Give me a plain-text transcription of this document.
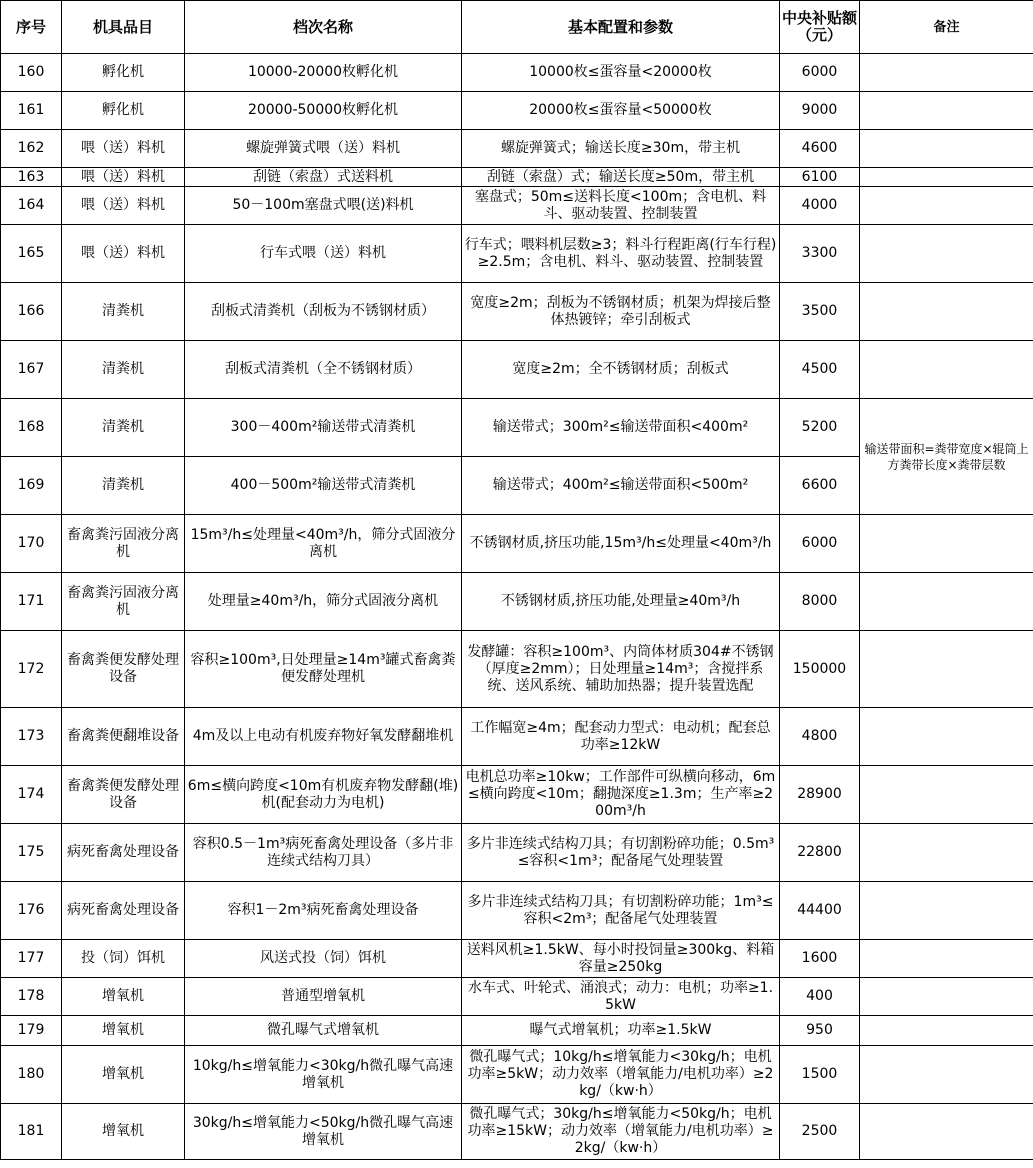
序号	机具品目	档次名称	基本配置和参数	中央补贴额（元）	备注
160	孵化机	10000-20000枚孵化机	10000枚≤蛋容量<20000枚	6000	
161	孵化机	20000-50000枚孵化机	20000枚≤蛋容量<50000枚	9000	
162	喂（送）料机	螺旋弹簧式喂（送）料机	螺旋弹簧式；输送长度≥30m，带主机	4600	
163	喂（送）料机	刮链（索盘）式送料机	刮链（索盘）式；输送长度≥50m，带主机	6100	
164	喂（送）料机	50－100m塞盘式喂(送)料机	塞盘式；50m≤送料长度<100m；含电机、料斗、驱动装置、控制装置	4000	
165	喂（送）料机	行车式喂（送）料机	行车式；喂料机层数≥3；料斗行程距离(行车行程)≥2.5m；含电机、料斗、驱动装置、控制装置	3300	
166	清粪机	刮板式清粪机（刮板为不锈钢材质）	宽度≥2m；刮板为不锈钢材质；机架为焊接后整体热镀锌；牵引刮板式	3500	
167	清粪机	刮板式清粪机（全不锈钢材质）	宽度≥2m；全不锈钢材质；刮板式	4500	
168	清粪机	300－400m²输送带式清粪机	输送带式；300m²≤输送带面积<400m²	5200	输送带面积=粪带宽度×辊筒上方粪带长度×粪带层数
169	清粪机	400－500m²输送带式清粪机	输送带式；400m²≤输送带面积<500m²	6600	
170	畜禽粪污固液分离机	15m³/h≤处理量<40m³/h，筛分式固液分离机	不锈钢材质,挤压功能,15m³/h≤处理量<40m³/h	6000	
171	畜禽粪污固液分离机	处理量≥40m³/h，筛分式固液分离机	不锈钢材质,挤压功能,处理量≥40m³/h	8000	
172	畜禽粪便发酵处理设备	容积≥100m³,日处理量≥14m³罐式畜禽粪便发酵处理机	发酵罐：容积≥100m³、内筒体材质304#不锈钢（厚度≥2mm）；日处理量≥14m³；含搅拌系统、送风系统、辅助加热器；提升装置选配	150000	
173	畜禽粪便翻堆设备	4m及以上电动有机废弃物好氧发酵翻堆机	工作幅宽≥4m；配套动力型式：电动机；配套总功率≥12kW	4800	
174	畜禽粪便发酵处理设备	6m≤横向跨度<10m有机废弃物发酵翻(堆)机(配套动力为电机)	电机总功率≥10kw；工作部件可纵横向移动，6m≤横向跨度<10m；翻抛深度≥1.3m；生产率≥200m³/h	28900	
175	病死畜禽处理设备	容积0.5－1m³病死畜禽处理设备（多片非连续式结构刀具）	多片非连续式结构刀具；有切割粉碎功能；0.5m³≤容积<1m³；配备尾气处理装置	22800	
176	病死畜禽处理设备	容积1－2m³病死畜禽处理设备	多片非连续式结构刀具；有切割粉碎功能；1m³≤容积<2m³；配备尾气处理装置	44400	
177	投（饲）饵机	风送式投（饲）饵机	送料风机≥1.5kW、每小时投饲量≥300kg、料箱容量≥250kg	1600	
178	增氧机	普通型增氧机	水车式、叶轮式、涌浪式；动力：电机；功率≥1.5kW	400	
179	增氧机	微孔曝气式增氧机	曝气式增氧机；功率≥1.5kW	950	
180	增氧机	10kg/h≤增氧能力<30kg/h微孔曝气高速增氧机	微孔曝气式；10kg/h≤增氧能力<30kg/h；电机功率≥5kW；动力效率（增氧能力/电机功率）≥2kg/（kw·h）	1500	
181	增氧机	30kg/h≤增氧能力<50kg/h微孔曝气高速增氧机	微孔曝气式；30kg/h≤增氧能力<50kg/h；电机功率≥15kW；动力效率（增氧能力/电机功率）≥2kg/（kw·h）	2500	
